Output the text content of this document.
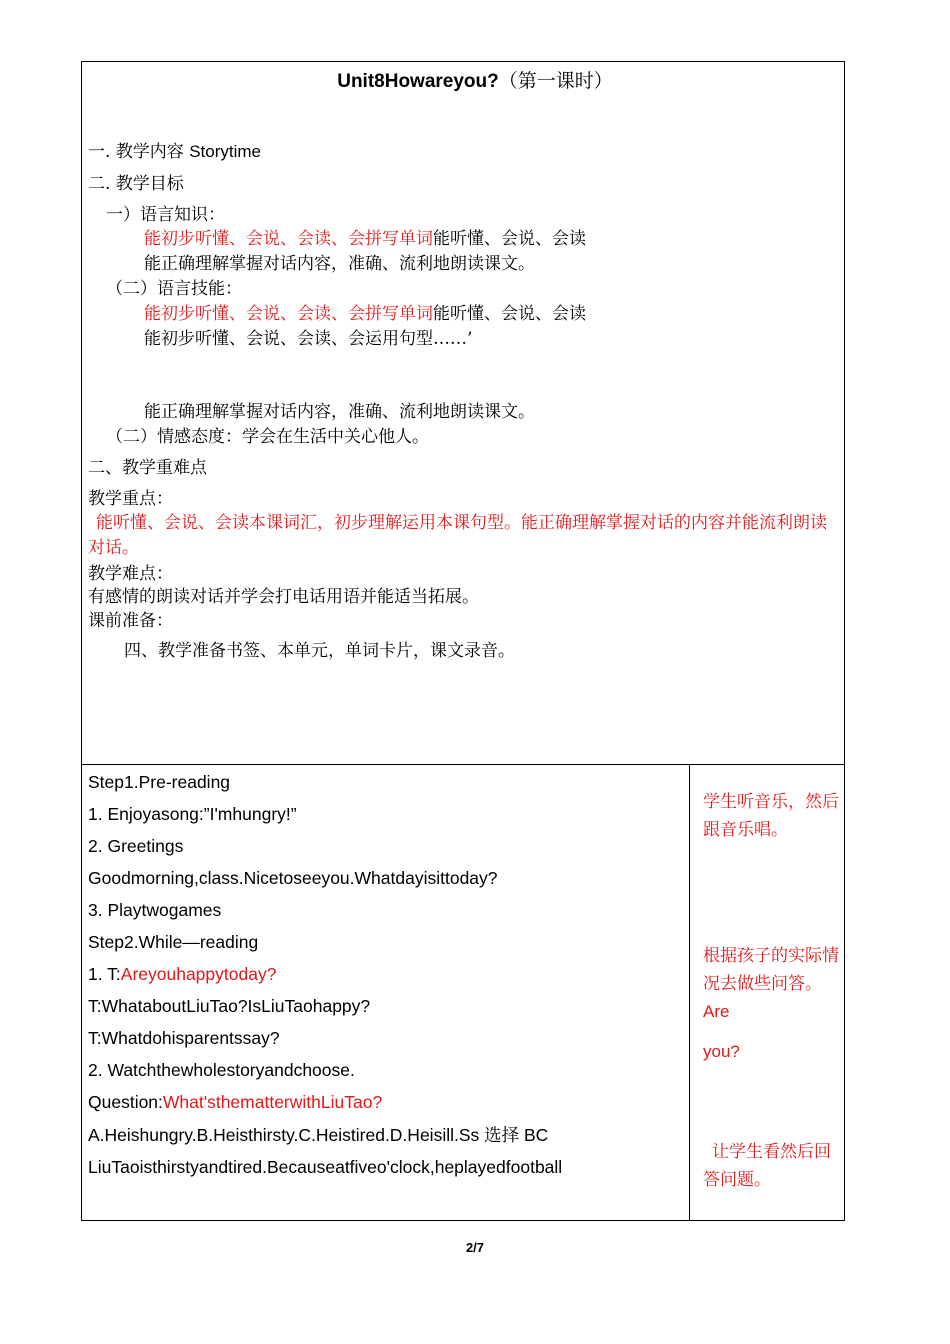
Unit8Howareyou?（第一课时）
一. 教学内容 Storytime
二. 教学目标
一）语言知识：
能初步听懂、会说、会读、会拼写单词能听懂、会说、会读
能正确理解掌握对话内容，准确、流利地朗读课文。
（二）语言技能：
能初步听懂、会说、会读、会拼写单词能听懂、会说、会读
能初步听懂、会说、会读、会运用句型……’
能正确理解掌握对话内容，准确、流利地朗读课文。
（二）情感态度：学会在生活中关心他人。
二、教学重难点
教学重点：
能听懂、会说、会读本课词汇，初步理解运用本课句型。能正确理解掌握对话的内容并能流利朗读对话。
教学难点：
有感情的朗读对话并学会打电话用语并能适当拓展。
课前准备：
四、教学准备书签、本单元，单词卡片，课文录音。
Step1.Pre-reading
1. Enjoyasong:”I'mhungry!”
2. Greetings
Goodmorning,class.Nicetoseeyou.Whatdayisittoday?
3. Playtwogames
Step2.While—reading
1. T:Areyouhappytoday?
T:WhataboutLiuTao?IsLiuTaohappy?
T:Whatdohisparentssay?
2. Watchthewholestoryandchoose.
Question:What'sthematterwithLiuTao?
A.Heishungry.B.Heisthirsty.C.Heistired.D.Heisill.Ss 选择 BC
LiuTaoisthirstyandtired.Becauseatfiveo'clock,heplayedfootball
学生听音乐，然后跟音乐唱。
根据孩子的实际情况去做些问答。Are
you?
让学生看然后回答问题。
2/7
